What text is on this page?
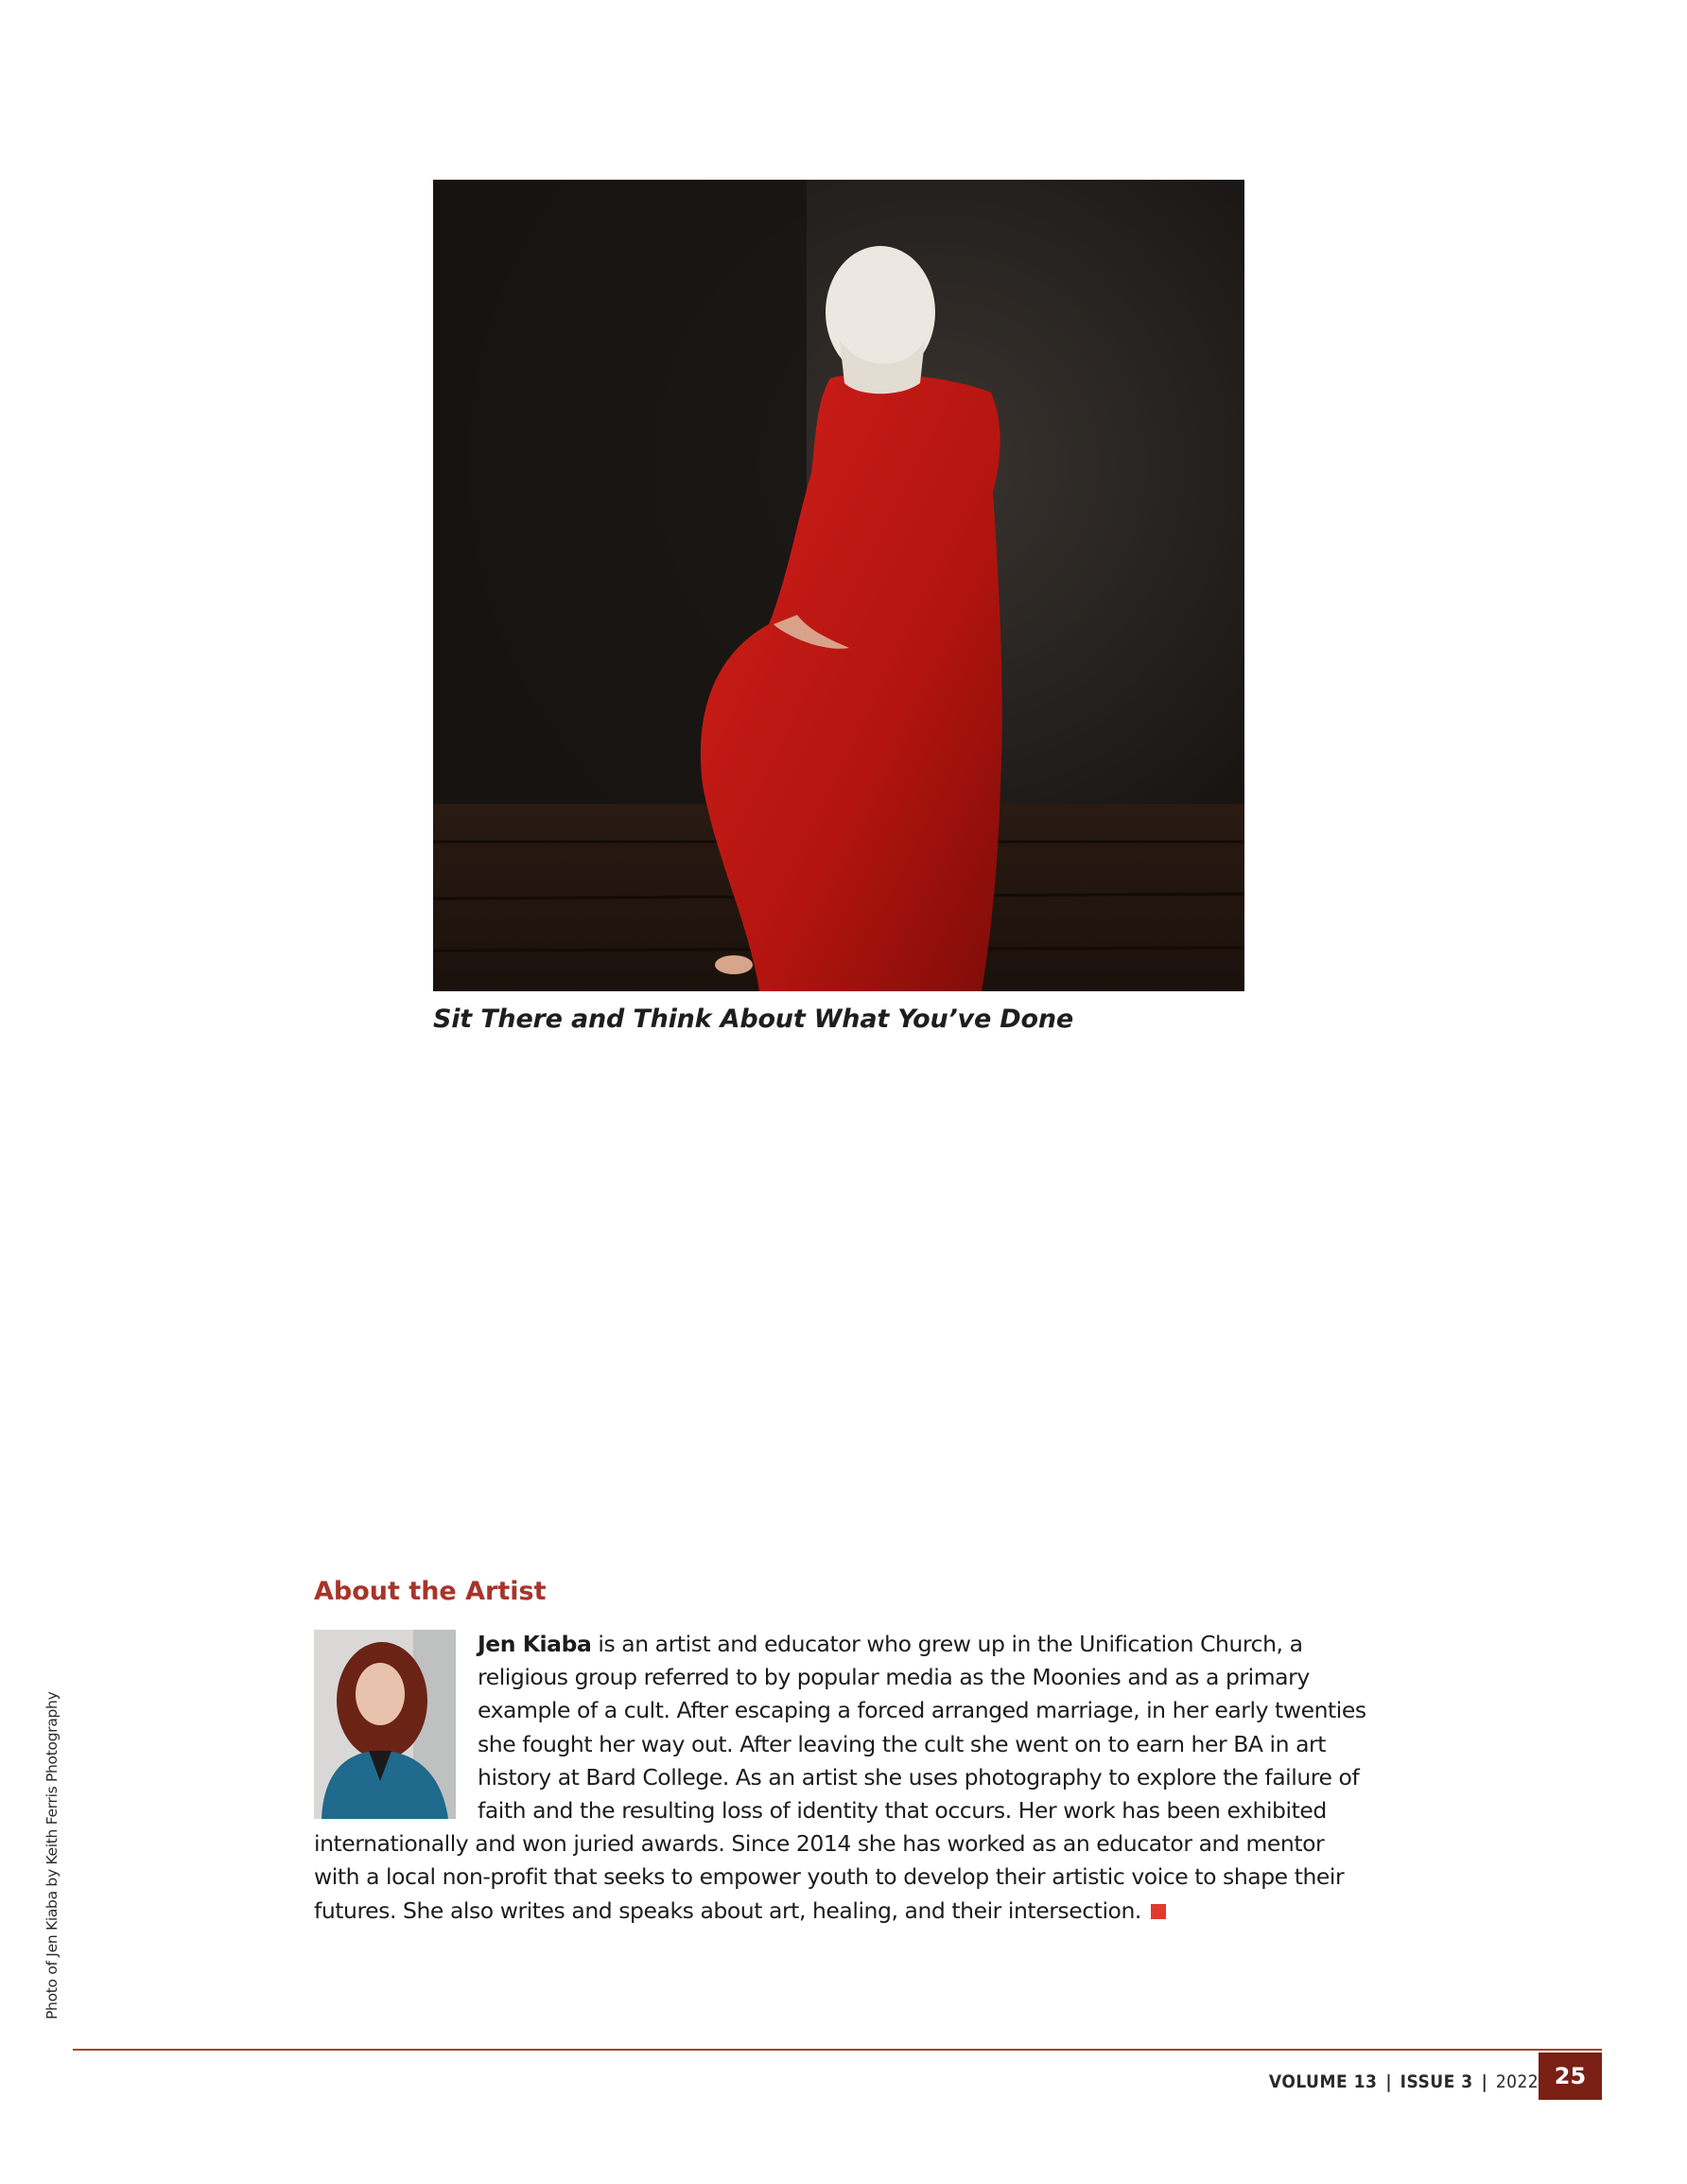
Sit There and Think About What You’ve Done
About the Artist
Jen Kiaba is an artist and educator who grew up in the Unification Church, a religious group referred to by popular media as the Moonies and as a primary example of a cult. After escaping a forced arranged marriage, in her early twenties she fought her way out. After leaving the cult she went on to earn her BA in art history at Bard College. As an artist she uses photography to explore the failure of faith and the resulting loss of identity that occurs. Her work has been exhibited internationally and won juried awards. Since 2014 she has worked as an educator and mentor with a local non-profit that seeks to empower youth to develop their artistic voice to shape their futures. She also writes and speaks about art, healing, and their intersection.
Photo of Jen Kiaba by Keith Ferris Photography
VOLUME 13 | ISSUE 3 | 2022 25
